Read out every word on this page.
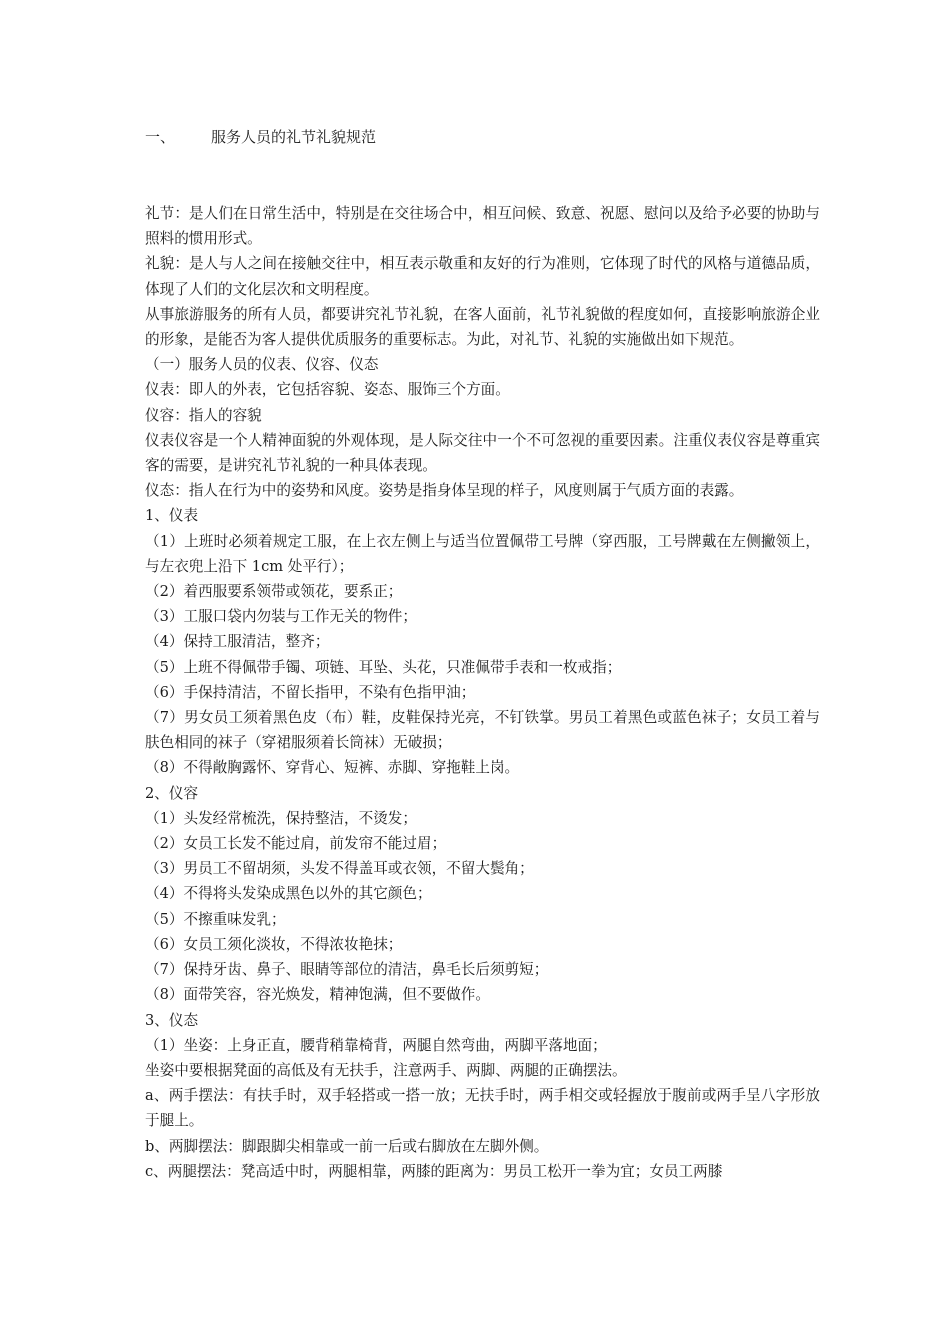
一、 服务人员的礼节礼貌规范

礼节：是人们在日常生活中，特别是在交往场合中，相互问候、致意、祝愿、慰问以及给予必要的协助与照料的惯用形式。

礼貌：是人与人之间在接触交往中，相互表示敬重和友好的行为准则，它体现了时代的风格与道德品质，体现了人们的文化层次和文明程度。

从事旅游服务的所有人员，都要讲究礼节礼貌，在客人面前，礼节礼貌做的程度如何，直接影响旅游企业的形象，是能否为客人提供优质服务的重要标志。为此，对礼节、礼貌的实施做出如下规范。

（一）服务人员的仪表、仪容、仪态

仪表：即人的外表，它包括容貌、姿态、服饰三个方面。

仪容：指人的容貌

仪表仪容是一个人精神面貌的外观体现，是人际交往中一个不可忽视的重要因素。注重仪表仪容是尊重宾客的需要，是讲究礼节礼貌的一种具体表现。

仪态：指人在行为中的姿势和风度。姿势是指身体呈现的样子，风度则属于气质方面的表露。

1、仪表

（1）上班时必须着规定工服，在上衣左侧上与适当位置佩带工号牌（穿西服，工号牌戴在左侧撇领上，与左衣兜上沿下 1cm 处平行）；

（2）着西服要系领带或领花，要系正；

（3）工服口袋内勿装与工作无关的物件；

（4）保持工服清洁，整齐；

（5）上班不得佩带手镯、项链、耳坠、头花，只准佩带手表和一枚戒指；

（6）手保持清洁，不留长指甲，不染有色指甲油；

（7）男女员工须着黑色皮（布）鞋，皮鞋保持光亮，不钉铁掌。男员工着黑色或蓝色袜子；女员工着与肤色相同的袜子（穿裙服须着长筒袜）无破损；

（8）不得敞胸露怀、穿背心、短裤、赤脚、穿拖鞋上岗。

2、仪容

（1）头发经常梳洗，保持整洁，不烫发；

（2）女员工长发不能过肩，前发帘不能过眉；

（3）男员工不留胡须，头发不得盖耳或衣领，不留大鬓角；

（4）不得将头发染成黑色以外的其它颜色；

（5）不擦重味发乳；

（6）女员工须化淡妆，不得浓妆艳抹；

（7）保持牙齿、鼻子、眼睛等部位的清洁，鼻毛长后须剪短；

（8）面带笑容，容光焕发，精神饱满，但不要做作。

3、仪态

（1）坐姿：上身正直，腰背稍靠椅背，两腿自然弯曲，两脚平落地面；

坐姿中要根据凳面的高低及有无扶手，注意两手、两脚、两腿的正确摆法。

a、两手摆法：有扶手时，双手轻搭或一搭一放；无扶手时，两手相交或轻握放于腹前或两手呈八字形放于腿上。

b、两脚摆法：脚跟脚尖相靠或一前一后或右脚放在左脚外侧。

c、两腿摆法：凳高适中时，两腿相靠，两膝的距离为：男员工松开一拳为宜；女员工两膝
